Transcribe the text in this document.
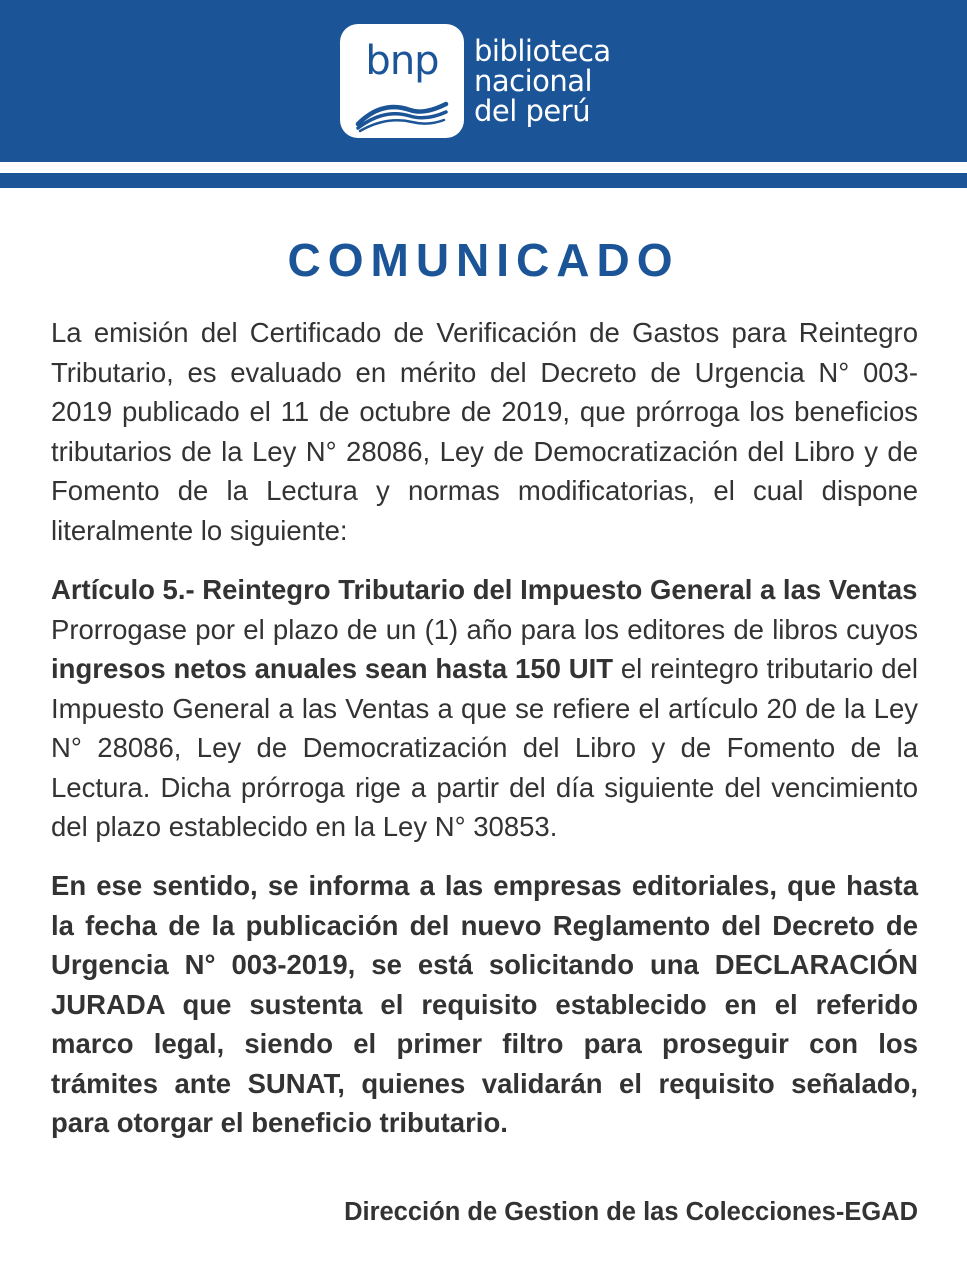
bnp	biblioteca
nacional
del perú
COMUNICADO

La emisión del Certificado de Verificación de Gastos para Reintegro Tributario, es evaluado en mérito del Decreto de Urgencia N° 003-2019 publicado el 11 de octubre de 2019, que prórroga los beneficios tributarios de la Ley N° 28086, Ley de Democratización del Libro y de Fomento de la Lectura y normas modificatorias, el cual dispone literalmente lo siguiente:

Artículo 5.- Reintegro Tributario del Impuesto General a las Ventas
Prorrogase por el plazo de un (1) año para los editores de libros cuyos ingresos netos anuales sean hasta 150 UIT el reintegro tributario del Impuesto General a las Ventas a que se refiere el artículo 20 de la Ley N° 28086, Ley de Democratización del Libro y de Fomento de la Lectura. Dicha prórroga rige a partir del día siguiente del vencimiento del plazo establecido en la Ley N° 30853.

En ese sentido, se informa a las empresas editoriales, que hasta la fecha de la publicación del nuevo Reglamento del Decreto de Urgencia N° 003-2019, se está solicitando una DECLARACIÓN JURADA que sustenta el requisito establecido en el referido marco legal, siendo el primer filtro para proseguir con los trámites ante SUNAT, quienes validarán el requisito señalado, para otorgar el beneficio tributario.

Dirección de Gestion de las Colecciones-EGAD
